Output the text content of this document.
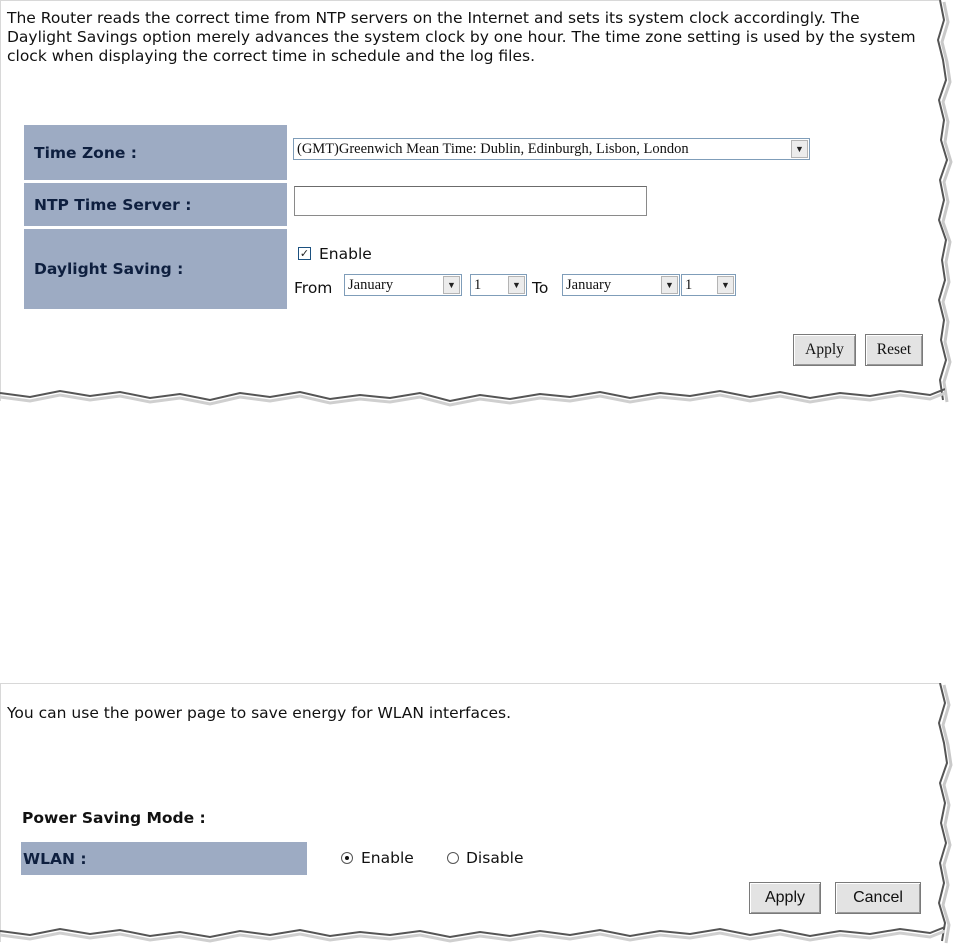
The Router reads the correct time from NTP servers on the Internet and sets its system clock accordingly. The Daylight Savings option merely advances the system clock by one hour. The time zone setting is used by the system clock when displaying the correct time in schedule and the log files.
Time Zone :	(GMT)Greenwich Mean Time: Dublin, Edinburgh, Lisbon, London	▼
NTP Time Server :
Daylight Saving :
✓ Enable
From January	▼ 1	▼ To January	▼ 1	▼
Apply	Reset
You can use the power page to save energy for WLAN interfaces.
Power Saving Mode :
WLAN :	Enable	Disable
Apply	Cancel
